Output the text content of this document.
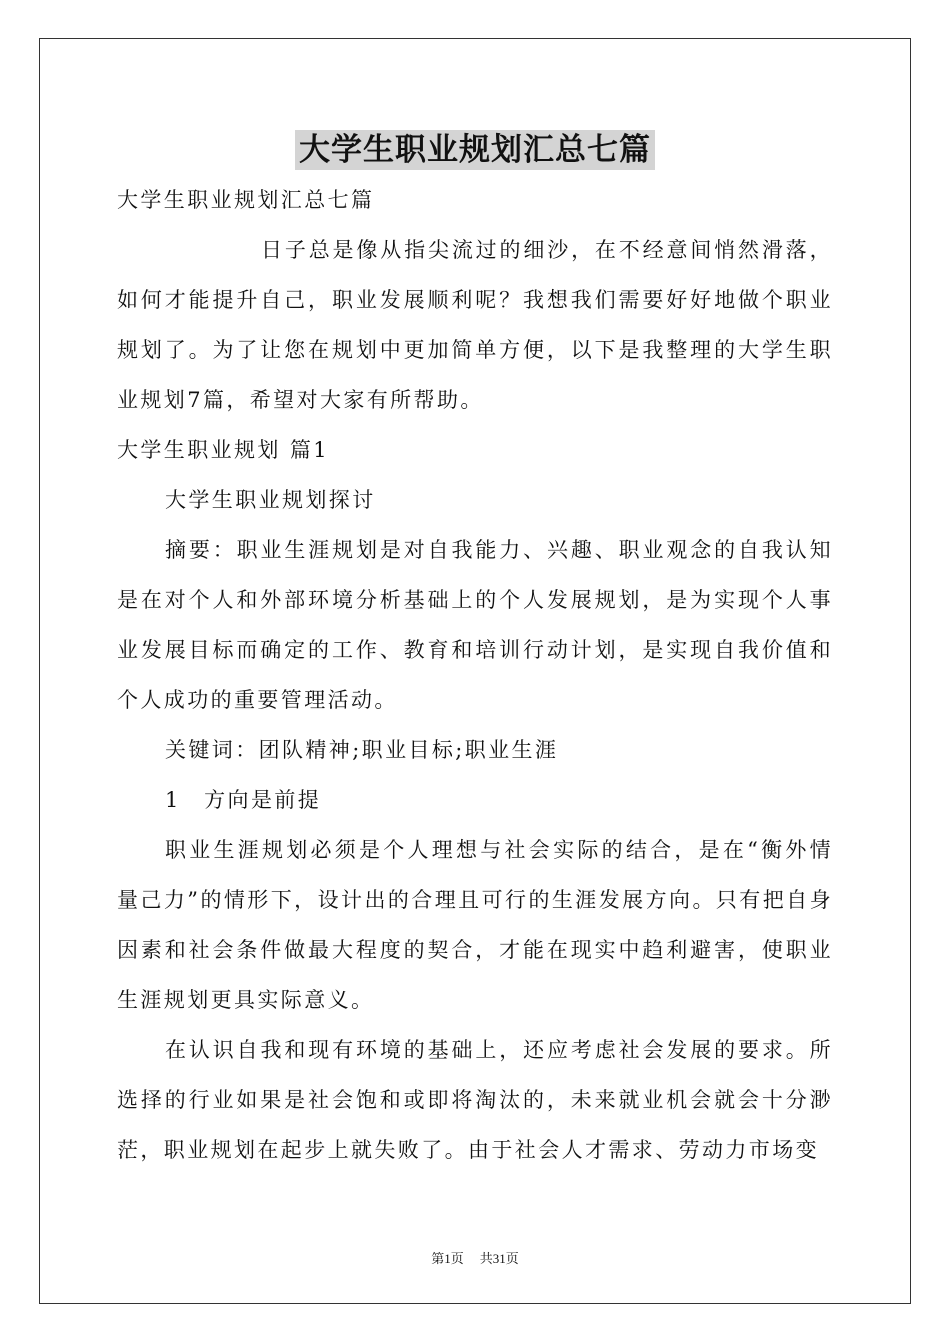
大学生职业规划汇总七篇

大学生职业规划汇总七篇

日子总是像从指尖流过的细沙，在不经意间悄然滑落，如何才能提升自己，职业发展顺利呢？我想我们需要好好地做个职业规划了。为了让您在规划中更加简单方便，以下是我整理的大学生职业规划7篇，希望对大家有所帮助。

大学生职业规划 篇1

大学生职业规划探讨

摘要：职业生涯规划是对自我能力、兴趣、职业观念的自我认知是在对个人和外部环境分析基础上的个人发展规划，是为实现个人事业发展目标而确定的工作、教育和培训行动计划，是实现自我价值和个人成功的重要管理活动。

关键词：团队精神;职业目标;职业生涯

1　方向是前提

职业生涯规划必须是个人理想与社会实际的结合，是在“衡外情量己力”的情形下，设计出的合理且可行的生涯发展方向。只有把自身因素和社会条件做最大程度的契合，才能在现实中趋利避害，使职业生涯规划更具实际意义。

在认识自我和现有环境的基础上，还应考虑社会发展的要求。所选择的行业如果是社会饱和或即将淘汰的，未来就业机会就会十分渺茫，职业规划在起步上就失败了。由于社会人才需求、劳动力市场变

第1页 共31页
